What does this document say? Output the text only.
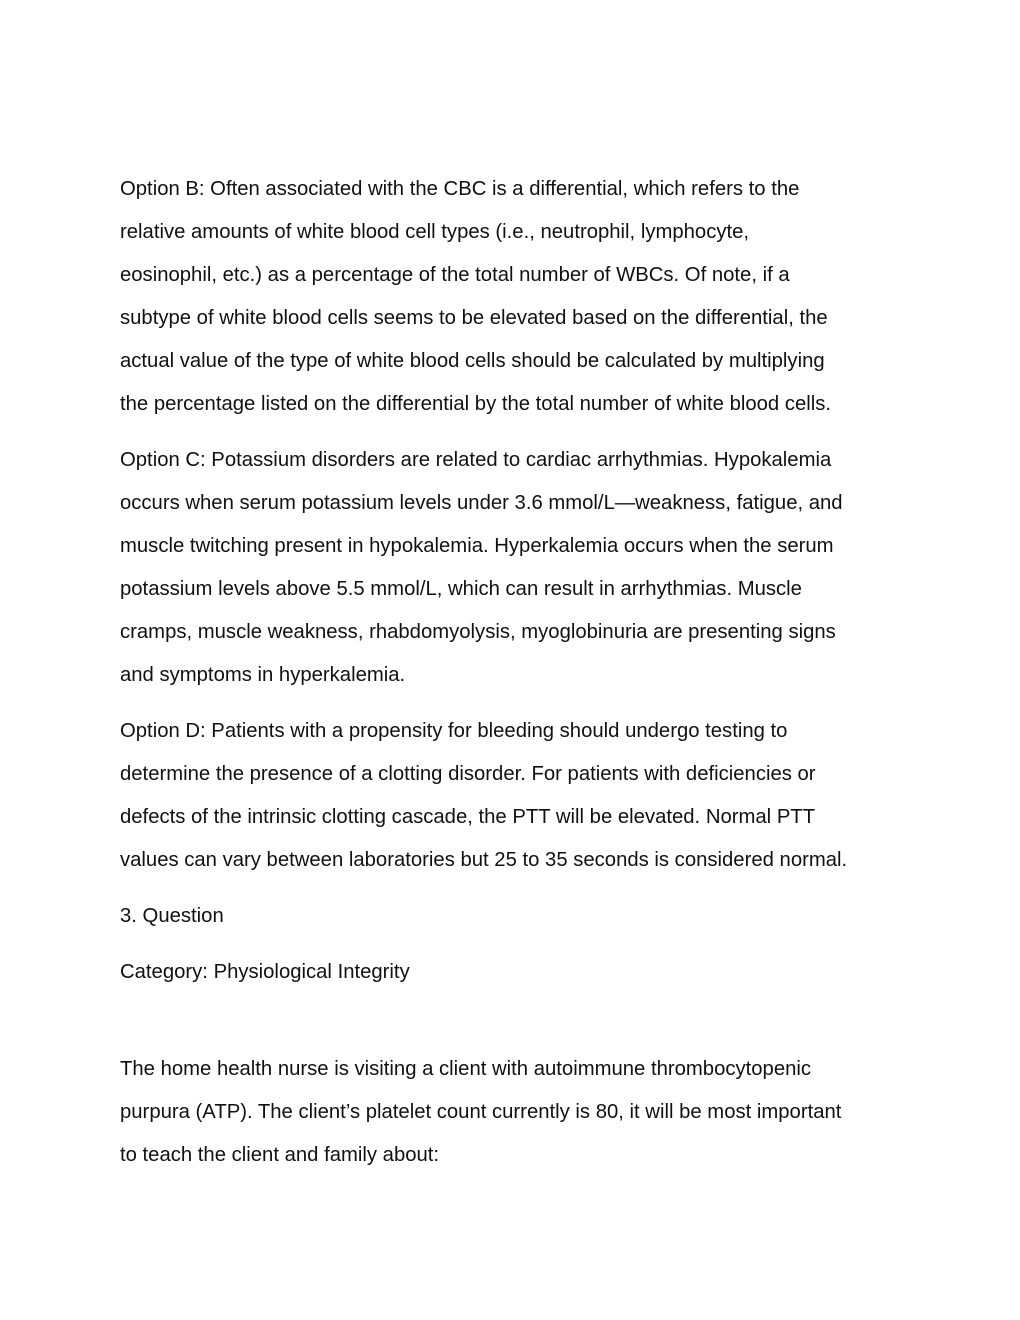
Option B: Often associated with the CBC is a differential, which refers to the
relative amounts of white blood cell types (i.e., neutrophil, lymphocyte,
eosinophil, etc.) as a percentage of the total number of WBCs. Of note, if a
subtype of white blood cells seems to be elevated based on the differential, the
actual value of the type of white blood cells should be calculated by multiplying
the percentage listed on the differential by the total number of white blood cells.

Option C: Potassium disorders are related to cardiac arrhythmias. Hypokalemia
occurs when serum potassium levels under 3.6 mmol/L—weakness, fatigue, and
muscle twitching present in hypokalemia. Hyperkalemia occurs when the serum
potassium levels above 5.5 mmol/L, which can result in arrhythmias. Muscle
cramps, muscle weakness, rhabdomyolysis, myoglobinuria are presenting signs
and symptoms in hyperkalemia.

Option D: Patients with a propensity for bleeding should undergo testing to
determine the presence of a clotting disorder. For patients with deficiencies or
defects of the intrinsic clotting cascade, the PTT will be elevated. Normal PTT
values can vary between laboratories but 25 to 35 seconds is considered normal.

3. Question

Category: Physiological Integrity

The home health nurse is visiting a client with autoimmune thrombocytopenic
purpura (ATP). The client’s platelet count currently is 80, it will be most important
to teach the client and family about:
